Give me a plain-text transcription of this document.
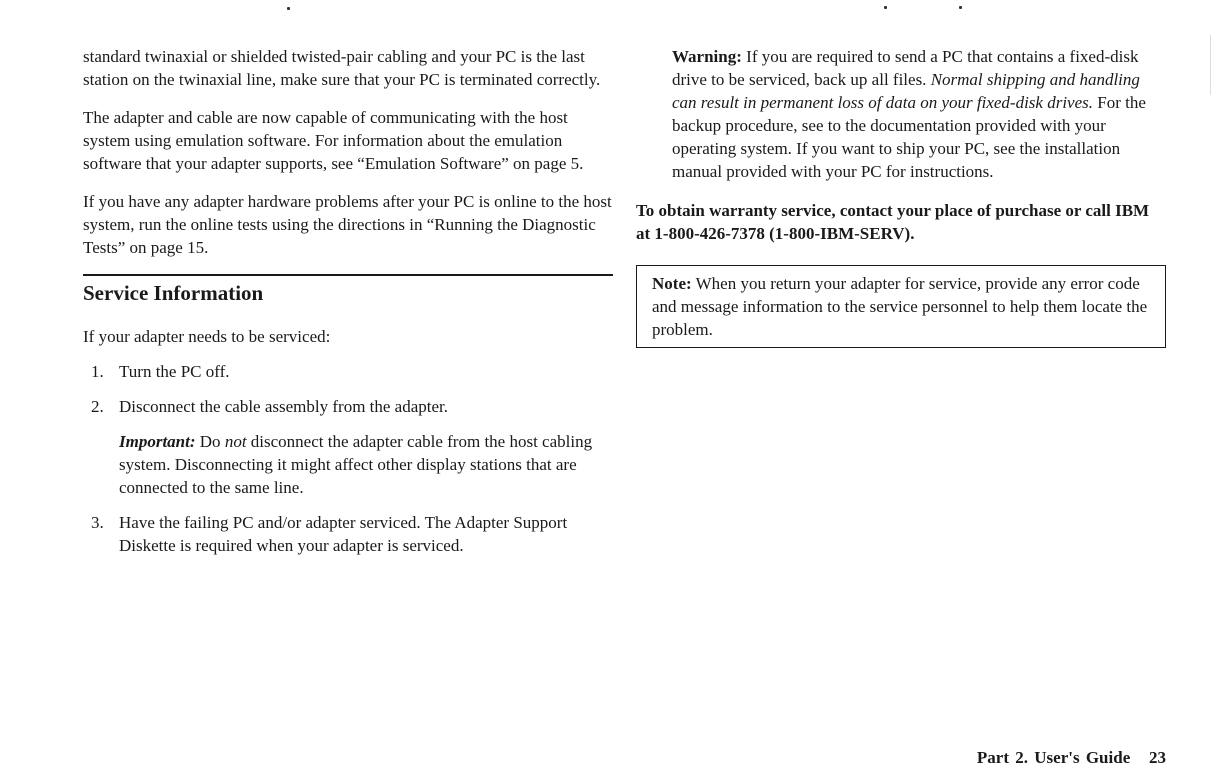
standard twinaxial or shielded twisted-pair cabling and your PC is the last station on the twinaxial line, make sure that your PC is terminated correctly.

The adapter and cable are now capable of communicating with the host system using emulation software. For information about the emulation software that your adapter supports, see “Emulation Software” on page 5.

If you have any adapter hardware problems after your PC is online to the host system, run the online tests using the directions in “Running the Diagnostic Tests” on page 15.

Service Information

If your adapter needs to be serviced:

1. Turn the PC off.
2. Disconnect the cable assembly from the adapter.

Important: Do not disconnect the adapter cable from the host cabling system. Disconnecting it might affect other display stations that are connected to the same line.

3. Have the failing PC and/or adapter serviced. The Adapter Support Diskette is required when your adapter is serviced.

Warning: If you are required to send a PC that contains a fixed-disk drive to be serviced, back up all files. Normal shipping and handling can result in permanent loss of data on your fixed-disk drives. For the backup procedure, see to the documentation provided with your operating system. If you want to ship your PC, see the installation manual provided with your PC for instructions.

To obtain warranty service, contact your place of purchase or call IBM at 1-800-426-7378 (1-800-IBM-SERV).

Note: When you return your adapter for service, provide any error code and message information to the service personnel to help them locate the problem.
Part 2. User's Guide 23
